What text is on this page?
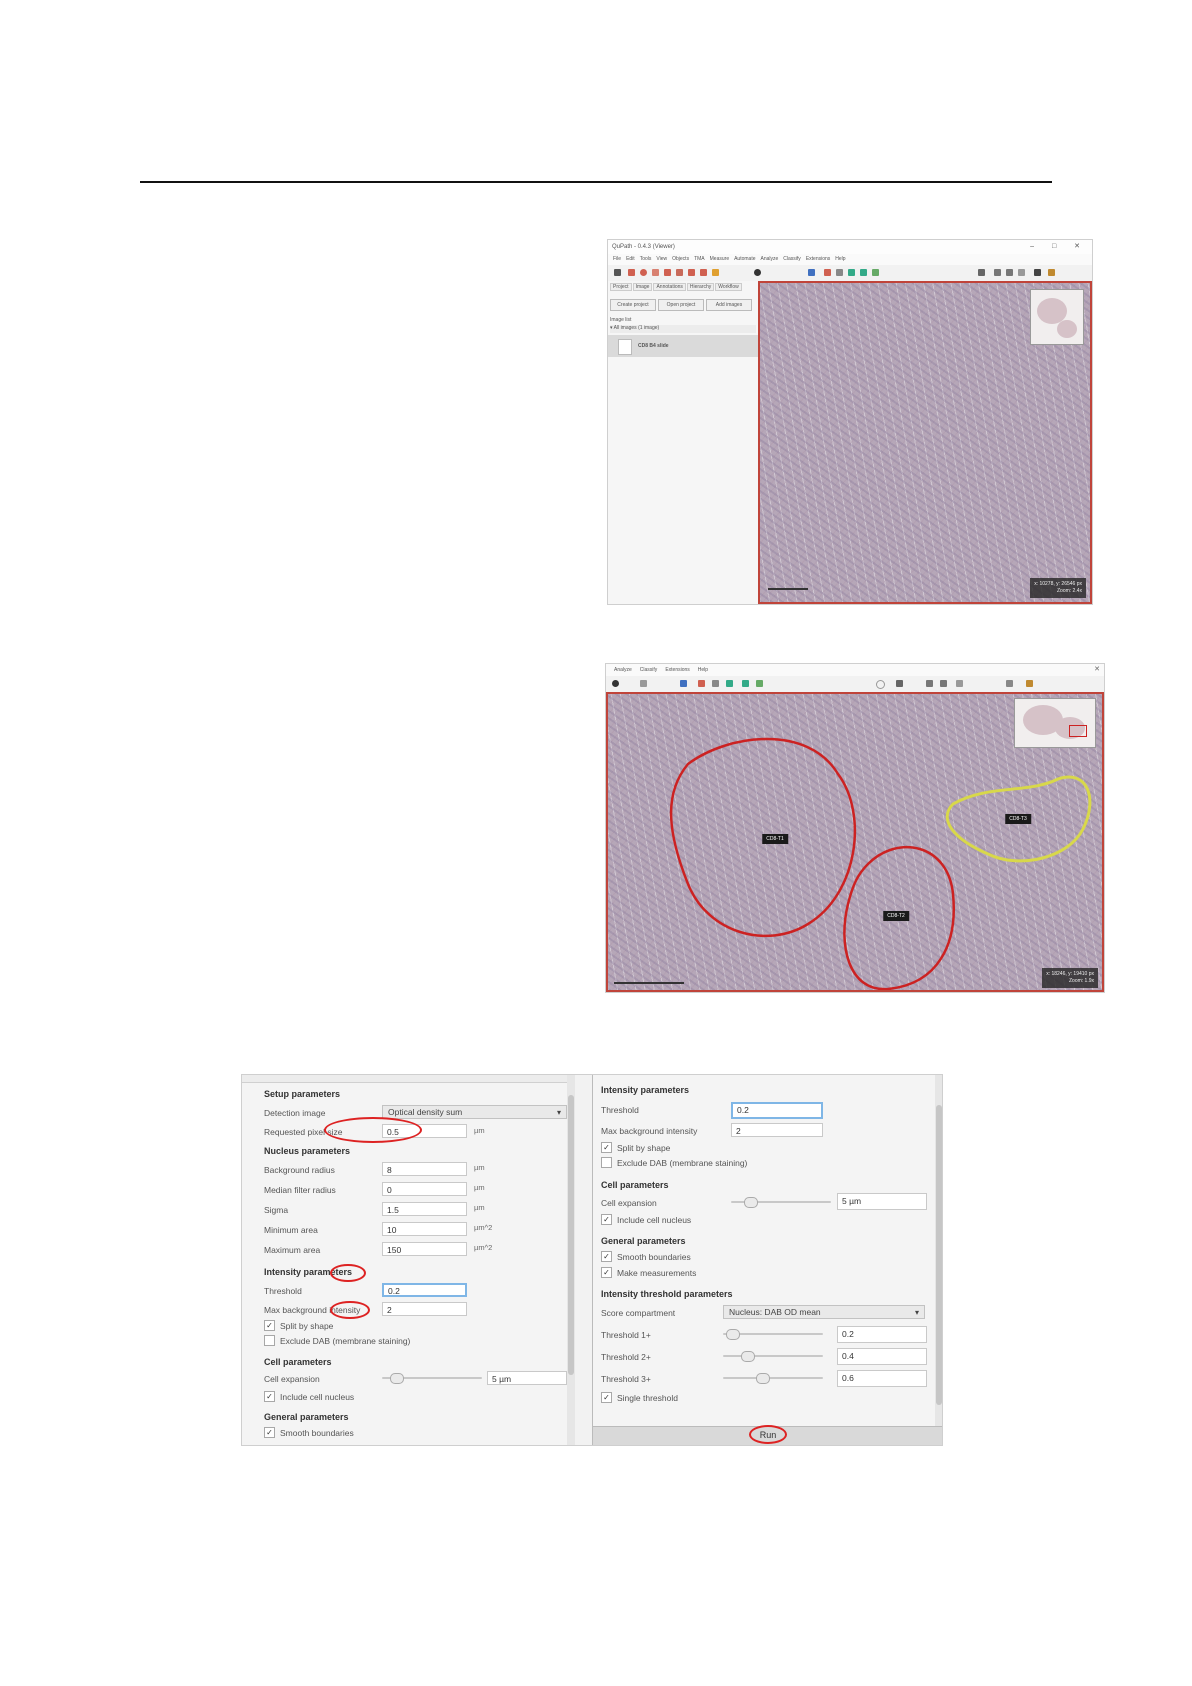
QuPath - 0.4.3 (Viewer)	– □ ✕
File Edit Tools View Objects TMA Measure Automate Analyze Classify Extensions Help
Project Image Annotations Hierarchy Workflow
Create project	Open project	Add images
Image list
▾ All images (1 image)
CD8 B4 slide
x: 10278, y: 26546 px
Zoom: 2.4x
Analyze Classify Extensions Help	✕
CD8-T1
CD8-T2
CD8-T3
x: 18246, y: 19410 px
Zoom: 1.9x
Setup parameters
Detection image	Optical density sum	▾
Requested pixel size	0.5	µm
Nucleus parameters
Background radius	8	µm
Median filter radius	0	µm
Sigma	1.5	µm
Minimum area	10	µm^2
Maximum area	150	µm^2
Intensity parameters
Threshold	0.2
Max background intensity	2
✓ Split by shape
Exclude DAB (membrane staining)
Cell parameters
Cell expansion	5 µm
✓ Include cell nucleus
General parameters
✓ Smooth boundaries
Intensity parameters
Threshold	0.2
Max background intensity	2
✓ Split by shape
Exclude DAB (membrane staining)
Cell parameters
Cell expansion	5 µm
✓ Include cell nucleus
General parameters
✓ Smooth boundaries
✓ Make measurements
Intensity threshold parameters
Score compartment	Nucleus: DAB OD mean	▾
Threshold 1+	0.2
Threshold 2+	0.4
Threshold 3+	0.6
✓ Single threshold
Run
